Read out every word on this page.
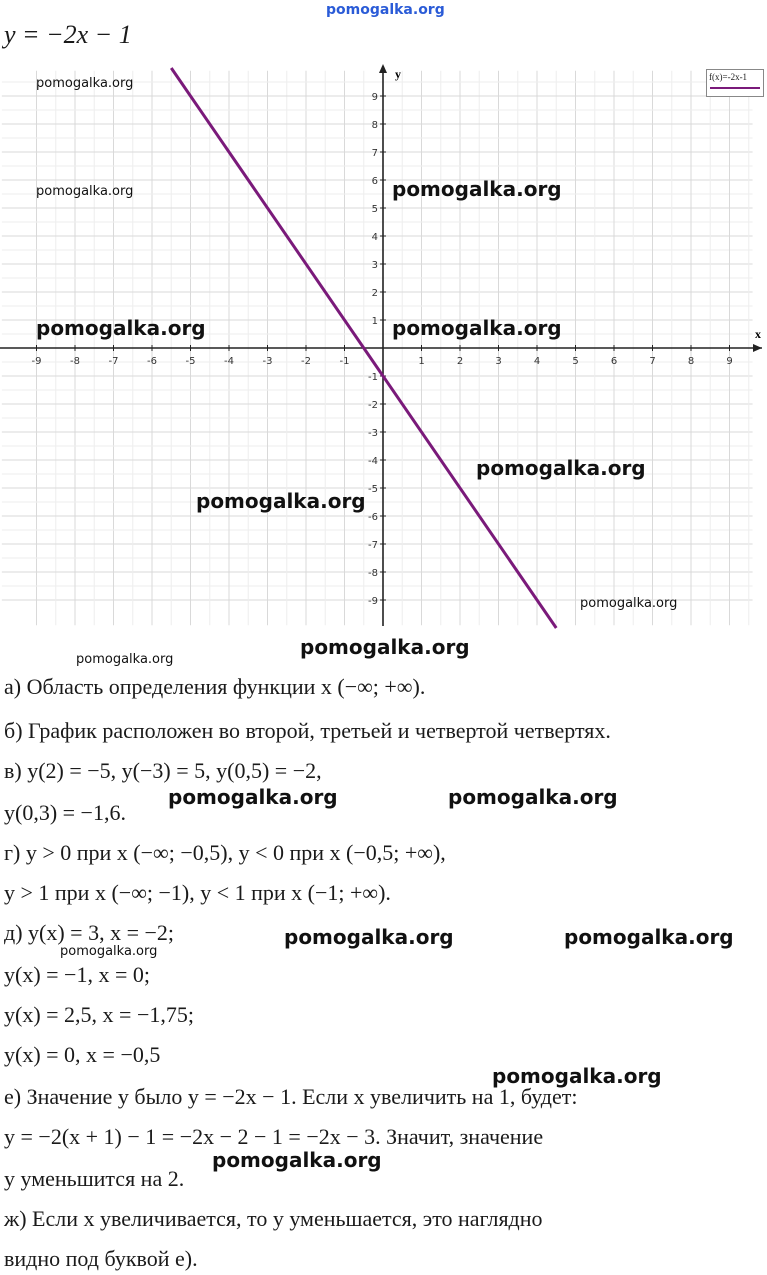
pomogalka.org
y = −2x − 1
x
y
-9	-8	-7	-6	-5	-4	-3	-2	-1	1	2	3	4	5	6	7	8	9
-9
-8
-7
-6
-5
-4
-3
-2
-1
1
2
3
4
5
6
7
8
9
f(x)=-2x-1
а) Область определения функции x (−∞; +∞).
б) График расположен во второй, третьей и четвертой четвертях.
в) y(2) = −5, y(−3) = 5, y(0,5) = −2,
y(0,3) = −1,6.
г) y > 0 при x (−∞; −0,5), y < 0 при x (−0,5; +∞),
y > 1 при x (−∞; −1), y < 1 при x (−1; +∞).
д) y(x) = 3, x = −2;
y(x) = −1, x = 0;
y(x) = 2,5, x = −1,75;
y(x) = 0, x = −0,5
е) Значение y было y = −2x − 1. Если x увеличить на 1, будет:
y = −2(x + 1) − 1 = −2x − 2 − 1 = −2x − 3. Значит, значение
y уменьшится на 2.
ж) Если x увеличивается, то y уменьшается, это наглядно
видно под буквой е).
pomogalka.org
pomogalka.org	pomogalka.org
pomogalka.org	pomogalka.org
pomogalka.org
pomogalka.org
pomogalka.org
pomogalka.org
pomogalka.org
pomogalka.org	pomogalka.org
pomogalka.org	pomogalka.org
pomogalka.org
pomogalka.org
pomogalka.org
